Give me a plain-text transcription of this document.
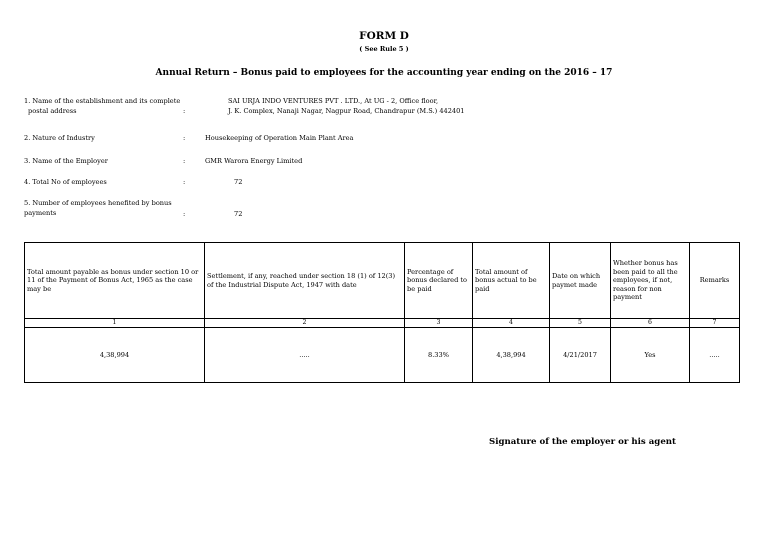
FORM D
( See Rule 5 )
Annual Return – Bonus paid to employees for the accounting year ending on the 2016 – 17
1. Name of the establishment and its complete
postal address	:
SAI URJA INDO VENTURES PVT . LTD., At UG - 2, Office floor,
J. K. Complex, Nanaji Nagar, Nagpur Road, Chandrapur (M.S.) 442401
2. Nature of Industry	:	Housekeeping of Operation Main Plant Area
3. Name of the Employer	:	GMR Warora Energy Limited
4. Total No of employees	:	72
5. Number of employees henefited by bonus
payments	:	72
Total amount payable as bonus under section 10 or 11 of the Payment of Bonus Act, 1965 as the case may be	Settlement, if any, reached under section 18 (1) of 12(3) of the Industrial Dispute Act, 1947 with date	Percentage of bonus declared to be paid	Total amount of bonus actual to be paid	Date on which paymet made	Whether bonus has been paid to all the employees, if not, reason for non payment	Remarks
1	2	3	4	5	6	7
4,38,994	.....	8.33%	4,38,994	4/21/2017	Yes	.....
Signature of the employer or his agent
